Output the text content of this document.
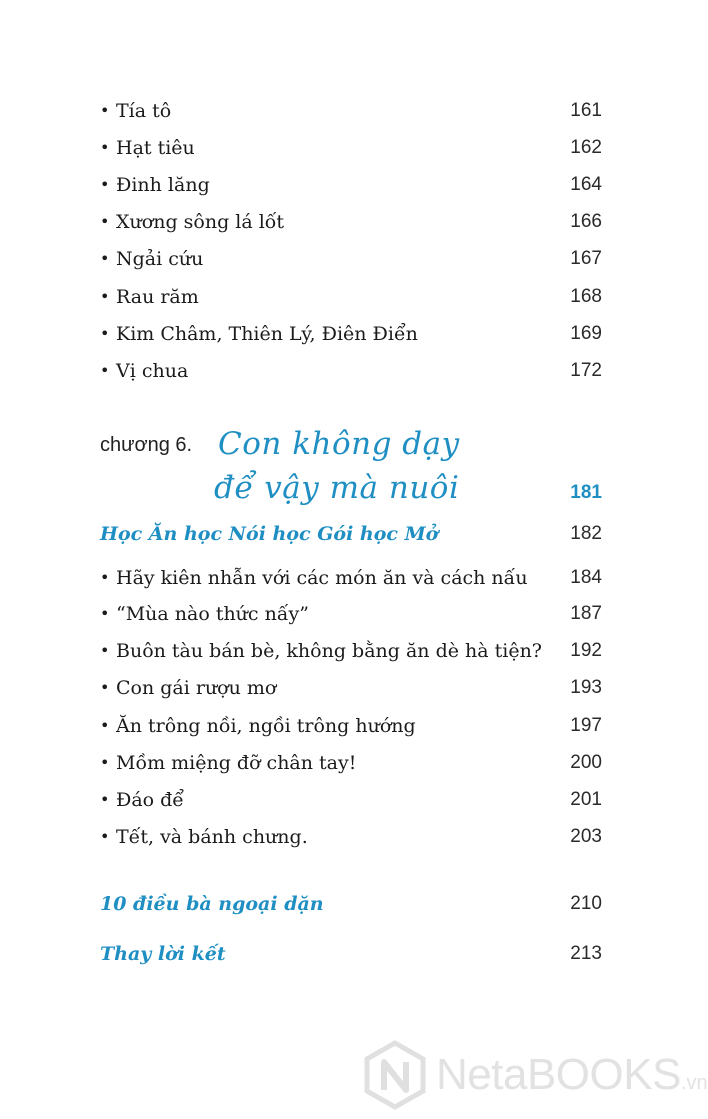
• Tía tô	161
• Hạt tiêu	162
• Đinh lăng	164
• Xương sông lá lốt	166
• Ngải cứu	167
• Rau răm	168
• Kim Châm, Thiên Lý, Điên Điển	169
• Vị chua	172
chương 6. Con không dạy
để vậy mà nuôi	181
Học Ăn học Nói học Gói học Mở	182
• Hãy kiên nhẫn với các món ăn và cách nấu 184
• “Mùa nào thức nấy”	187
• Buôn tàu bán bè, không bằng ăn dè hà tiện? 192
• Con gái rượu mơ	193
• Ăn trông nồi, ngồi trông hướng	197
• Mồm miệng đỡ chân tay!	200
• Đáo để	201
• Tết, và bánh chưng.	203
10 điều bà ngoại dặn	210
Thay lời kết	213
NetaBOOKS.vn
